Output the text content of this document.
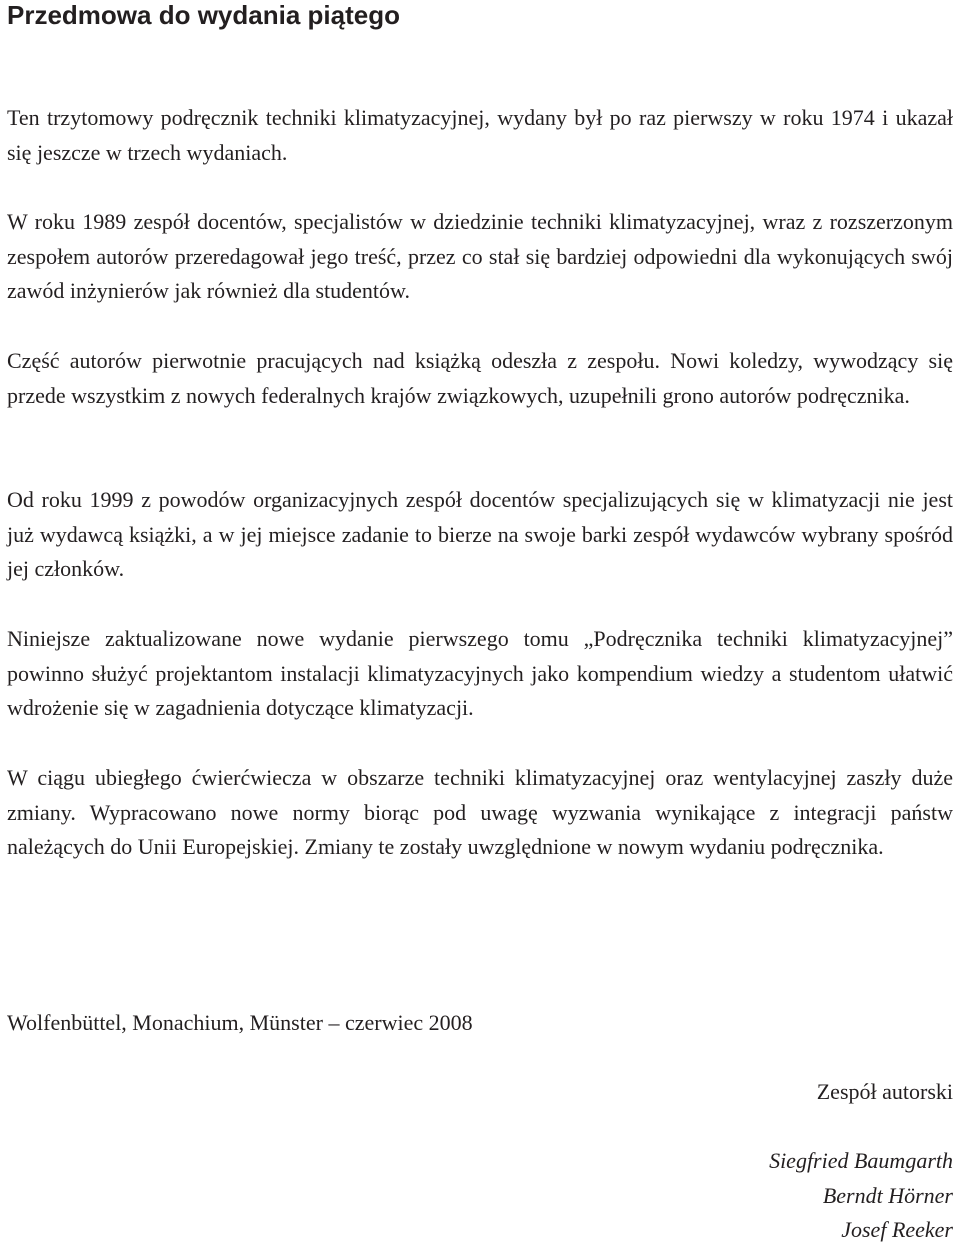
Przedmowa do wydania piątego

Ten trzytomowy podręcznik techniki klimatyzacyjnej, wydany był po raz pierwszy w roku 1974 i ukazał się jeszcze w trzech wydaniach.

W roku 1989 zespół docentów, specjalistów w dziedzinie techniki klimatyzacyjnej, wraz z rozszerzonym zespołem autorów przeredagował jego treść, przez co stał się bardziej odpowiedni dla wykonujących swój zawód inżynierów jak również dla studentów.

Część autorów pierwotnie pracujących nad książką odeszła z zespołu. Nowi koledzy, wywodzący się przede wszystkim z nowych federalnych krajów związkowych, uzupełnili grono autorów podręcznika.

Od roku 1999 z powodów organizacyjnych zespół docentów specjalizujących się w klimatyzacji nie jest już wydawcą książki, a w jej miejsce zadanie to bierze na swoje barki zespół wydawców wybrany spośród jej członków.

Niniejsze zaktualizowane nowe wydanie pierwszego tomu „Podręcznika techniki klimatyzacyjnej” powinno służyć projektantom instalacji klimatyzacyjnych jako kompendium wiedzy a studentom ułatwić wdrożenie się w zagadnienia dotyczące klimatyzacji.

W ciągu ubiegłego ćwierćwiecza w obszarze techniki klimatyzacyjnej oraz wentylacyjnej zaszły duże zmiany. Wypracowano nowe normy biorąc pod uwagę wyzwania wynikające z integracji państw należących do Unii Europejskiej. Zmiany te zostały uwzględnione w nowym wydaniu podręcznika.

Wolfenbüttel, Monachium, Münster – czerwiec 2008

Zespół autorski

Siegfried Baumgarth
Berndt Hörner
Josef Reeker
